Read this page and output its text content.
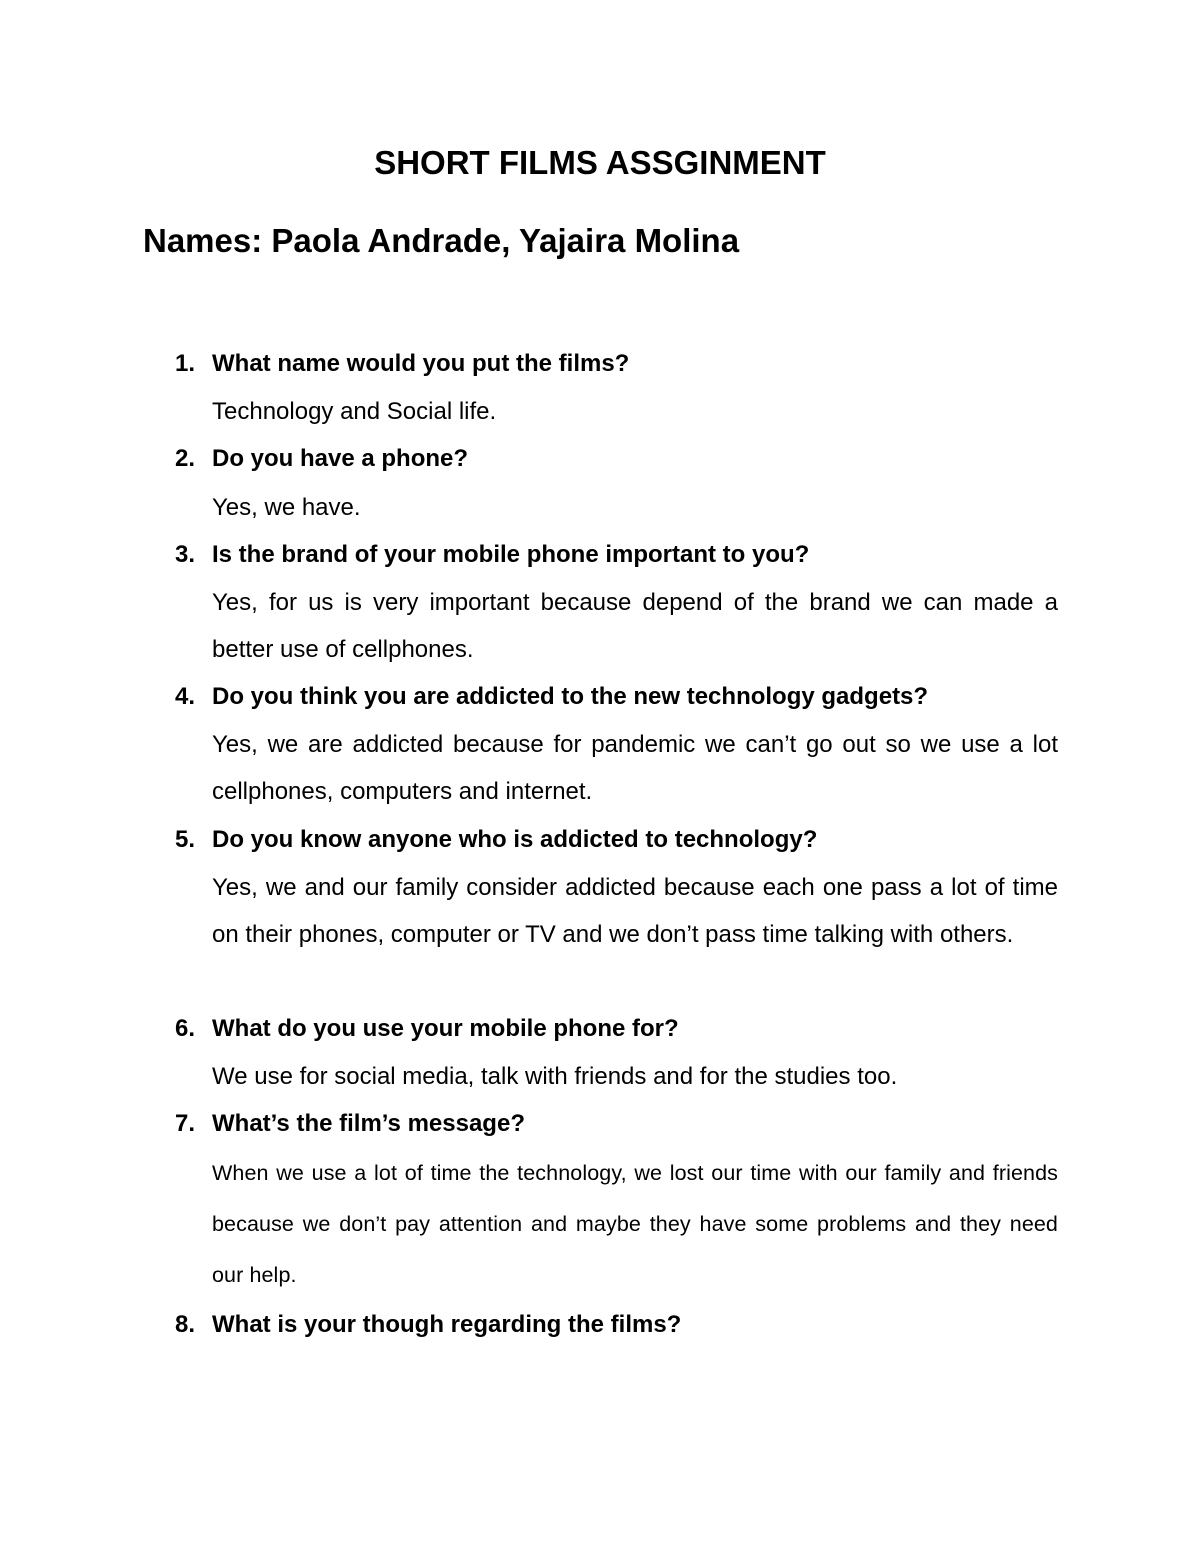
SHORT FILMS ASSGINMENT
Names: Paola Andrade, Yajaira Molina

1. What name would you put the films?

Technology and Social life.

2. Do you have a phone?

Yes, we have.

3. Is the brand of your mobile phone important to you?

Yes, for us is very important because depend of the brand we can made a better use of cellphones.

4. Do you think you are addicted to the new technology gadgets?

Yes, we are addicted because for pandemic we can’t go out so we use a lot cellphones, computers and internet.

5. Do you know anyone who is addicted to technology?

Yes, we and our family consider addicted because each one pass a lot of time on their phones, computer or TV and we don’t pass time talking with others.

6. What do you use your mobile phone for?

We use for social media, talk with friends and for the studies too.

7. What’s the film’s message?

When we use a lot of time the technology, we lost our time with our family and friends because we don’t pay attention and maybe they have some problems and they need our help.

8. What is your though regarding the films?
